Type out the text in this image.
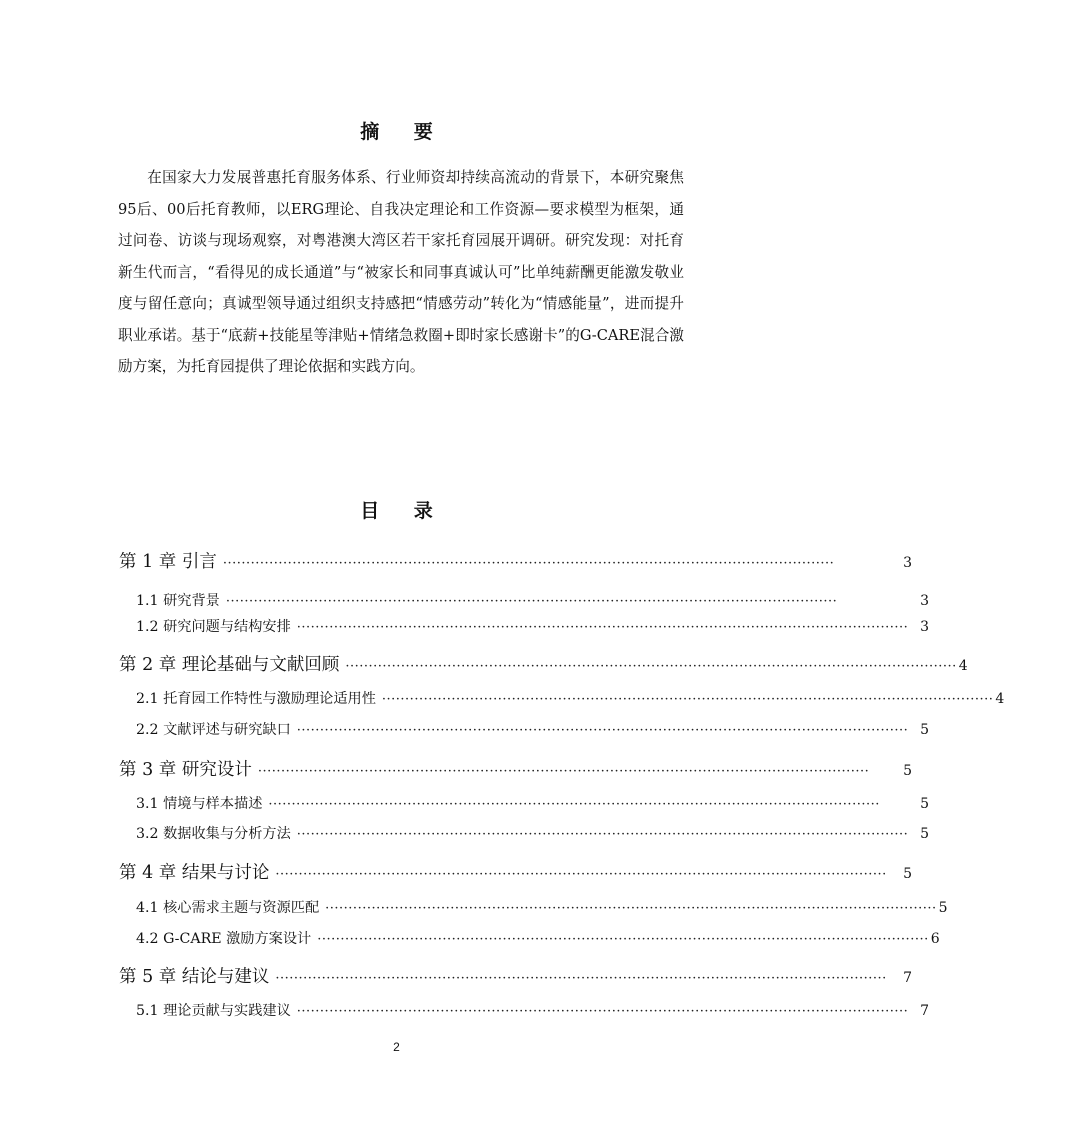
摘 要

在国家大力发展普惠托育服务体系、行业师资却持续高流动的背景下，本研究聚焦95后、00后托育教师，以ERG理论、自我决定理论和工作资源—要求模型为框架，通过问卷、访谈与现场观察，对粤港澳大湾区若干家托育园展开调研。研究发现：对托育新生代而言，“看得见的成长通道”与“被家长和同事真诚认可”比单纯薪酬更能激发敬业度与留任意向；真诚型领导通过组织支持感把“情感劳动”转化为“情感能量”，进而提升职业承诺。基于“底薪+技能星等津贴+情绪急救圈+即时家长感谢卡”的G-CARE混合激励方案，为托育园提供了理论依据和实践方向。

目 录
第 1 章 引言 ····································································································································	3
1.1 研究背景 ····································································································································	3
1.2 研究问题与结构安排 ···································································································································· 3
第 2 章 理论基础与文献回顾 ···································································································································· 4
2.1 托育园工作特性与激励理论适用性 ···································································································································· 4
2.2 文献评述与研究缺口 ···································································································································· 5
第 3 章 研究设计 ····································································································································	5
3.1 情境与样本描述 ····································································································································	5
3.2 数据收集与分析方法 ···································································································································· 5
第 4 章 结果与讨论 ····································································································································	5
4.1 核心需求主题与资源匹配 ···································································································································· 5
4.2 G-CARE 激励方案设计 ···································································································································· 6
第 5 章 结论与建议 ····································································································································	7
5.1 理论贡献与实践建议 ···································································································································· 7
2
